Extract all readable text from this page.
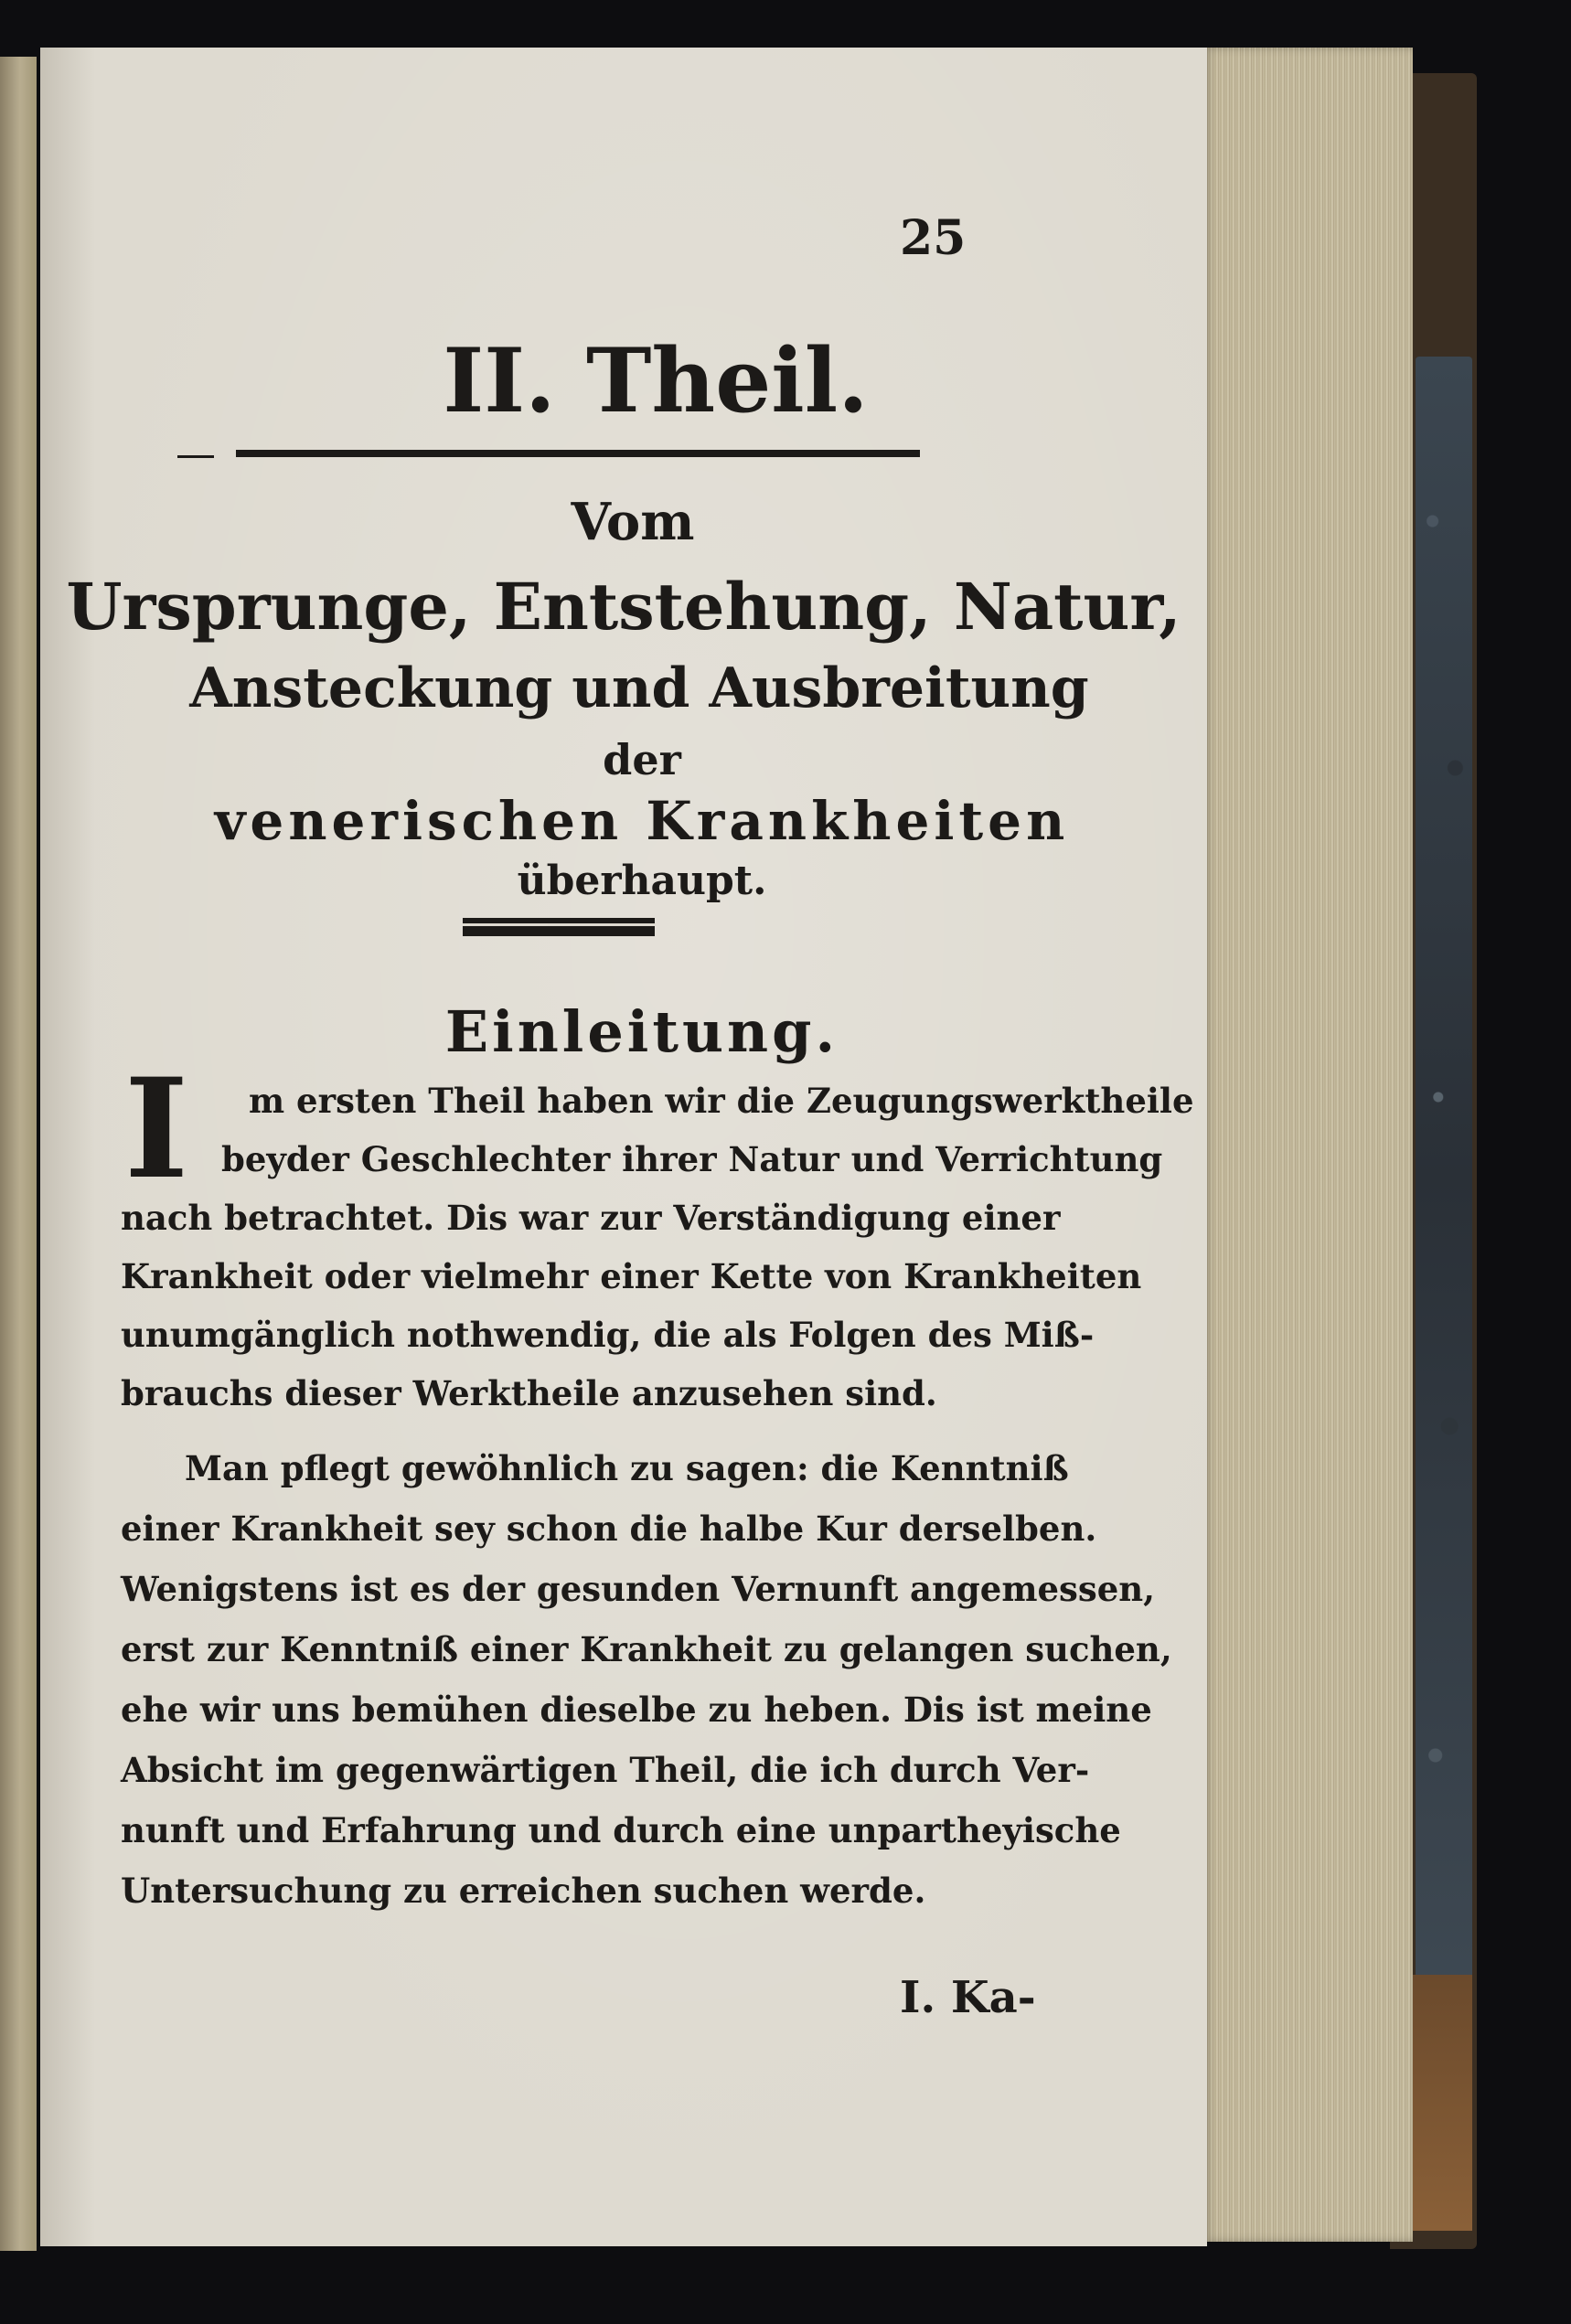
25
II. Theil.
Vom
Ursprunge, Entstehung, Natur,
Ansteckung und Ausbreitung
der
venerischen Krankheiten
überhaupt.
Einleitung.
I m ersten Theil haben wir die Zeugungswerktheile
beyder Geschlechter ihrer Natur und Verrichtung
nach betrachtet. Dis war zur Verständigung einer
Krankheit oder vielmehr einer Kette von Krankheiten
unumgänglich nothwendig, die als Folgen des Miß-
brauchs dieser Werktheile anzusehen sind.
Man pflegt gewöhnlich zu sagen: die Kenntniß
einer Krankheit sey schon die halbe Kur derselben.
Wenigstens ist es der gesunden Vernunft angemessen,
erst zur Kenntniß einer Krankheit zu gelangen suchen,
ehe wir uns bemühen dieselbe zu heben. Dis ist meine
Absicht im gegenwärtigen Theil, die ich durch Ver-
nunft und Erfahrung und durch eine unpartheyische
Untersuchung zu erreichen suchen werde.
I. Ka-
